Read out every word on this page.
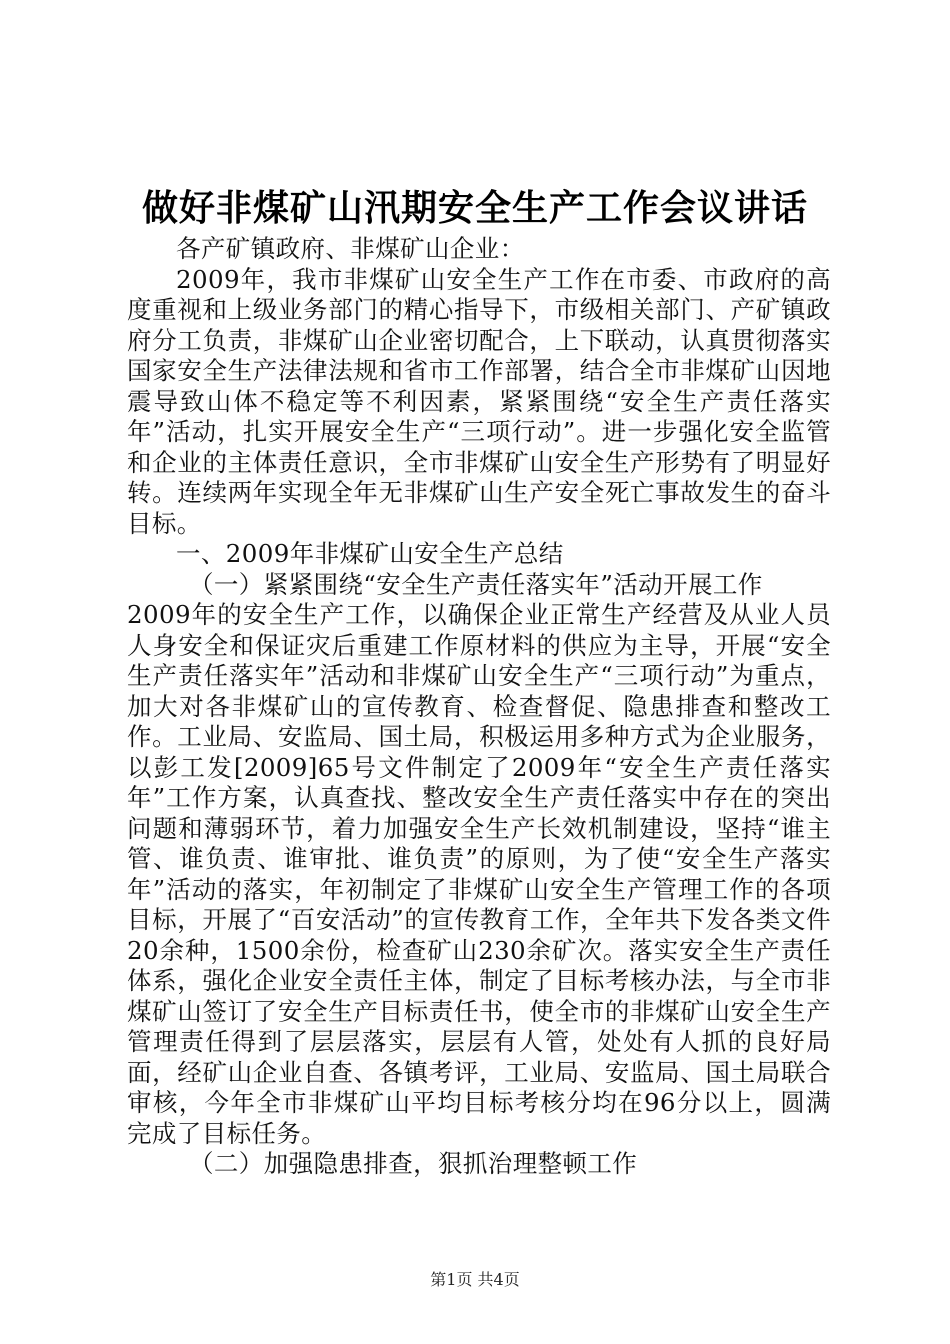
做好非煤矿山汛期安全生产工作会议讲话

各产矿镇政府、非煤矿山企业：

2009年，我市非煤矿山安全生产工作在市委、市政府的高度重视和上级业务部门的精心指导下，市级相关部门、产矿镇政府分工负责，非煤矿山企业密切配合，上下联动，认真贯彻落实国家安全生产法律法规和省市工作部署，结合全市非煤矿山因地震导致山体不稳定等不利因素，紧紧围绕“安全生产责任落实年”活动，扎实开展安全生产“三项行动”。进一步强化安全监管和企业的主体责任意识，全市非煤矿山安全生产形势有了明显好转。连续两年实现全年无非煤矿山生产安全死亡事故发生的奋斗目标。

一、2009年非煤矿山安全生产总结

（一）紧紧围绕“安全生产责任落实年”活动开展工作

2009年的安全生产工作，以确保企业正常生产经营及从业人员人身安全和保证灾后重建工作原材料的供应为主导，开展“安全生产责任落实年”活动和非煤矿山安全生产“三项行动”为重点，加大对各非煤矿山的宣传教育、检查督促、隐患排查和整改工作。工业局、安监局、国土局，积极运用多种方式为企业服务，以彭工发[2009]65号文件制定了2009年“安全生产责任落实年”工作方案，认真查找、整改安全生产责任落实中存在的突出问题和薄弱环节，着力加强安全生产长效机制建设，坚持“谁主管、谁负责、谁审批、谁负责”的原则，为了使“安全生产落实年”活动的落实，年初制定了非煤矿山安全生产管理工作的各项目标，开展了“百安活动”的宣传教育工作，全年共下发各类文件20余种，1500余份，检查矿山230余矿次。落实安全生产责任体系，强化企业安全责任主体，制定了目标考核办法，与全市非煤矿山签订了安全生产目标责任书，使全市的非煤矿山安全生产管理责任得到了层层落实，层层有人管，处处有人抓的良好局面，经矿山企业自查、各镇考评，工业局、安监局、国土局联合审核，今年全市非煤矿山平均目标考核分均在96分以上，圆满完成了目标任务。

（二）加强隐患排查，狠抓治理整顿工作

第1页 共4页
